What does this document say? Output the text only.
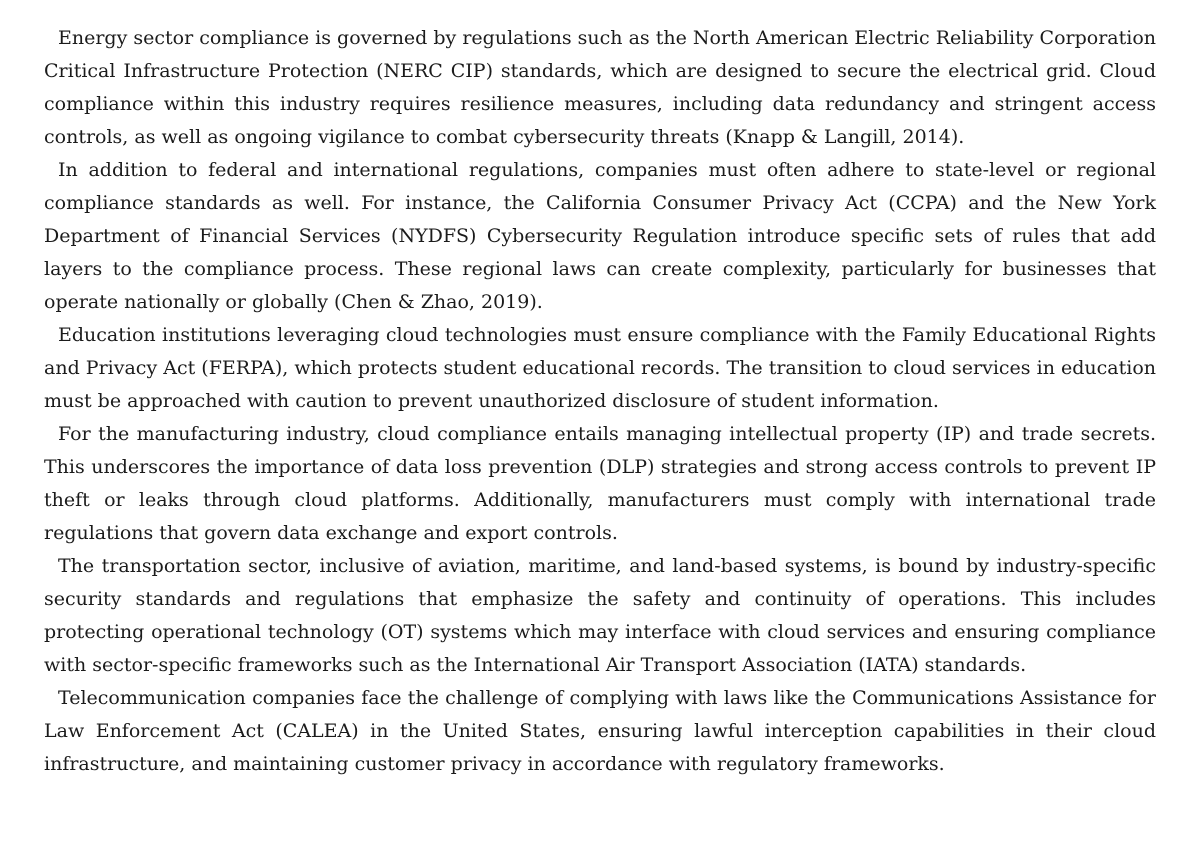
Energy sector compliance is governed by regulations such as the North American Electric Reliability Corporation Critical Infrastructure Protection (NERC CIP) standards, which are designed to secure the electrical grid. Cloud compliance within this industry requires resilience measures, including data redundancy and stringent access controls, as well as ongoing vigilance to combat cybersecurity threats (Knapp & Langill, 2014).

In addition to federal and international regulations, companies must often adhere to state-level or regional compliance standards as well. For instance, the California Consumer Privacy Act (CCPA) and the New York Department of Financial Services (NYDFS) Cybersecurity Regulation introduce specific sets of rules that add layers to the compliance process. These regional laws can create complexity, particularly for businesses that operate nationally or globally (Chen & Zhao, 2019).

Education institutions leveraging cloud technologies must ensure compliance with the Family Educational Rights and Privacy Act (FERPA), which protects student educational records. The transition to cloud services in education must be approached with caution to prevent unauthorized disclosure of student information.

For the manufacturing industry, cloud compliance entails managing intellectual property (IP) and trade secrets. This underscores the importance of data loss prevention (DLP) strategies and strong access controls to prevent IP theft or leaks through cloud platforms. Additionally, manufacturers must comply with international trade regulations that govern data exchange and export controls.

The transportation sector, inclusive of aviation, maritime, and land-based systems, is bound by industry-specific security standards and regulations that emphasize the safety and continuity of operations. This includes protecting operational technology (OT) systems which may interface with cloud services and ensuring compliance with sector-specific frameworks such as the International Air Transport Association (IATA) standards.

Telecommunication companies face the challenge of complying with laws like the Communications Assistance for Law Enforcement Act (CALEA) in the United States, ensuring lawful interception capabilities in their cloud infrastructure, and maintaining customer privacy in accordance with regulatory frameworks.
